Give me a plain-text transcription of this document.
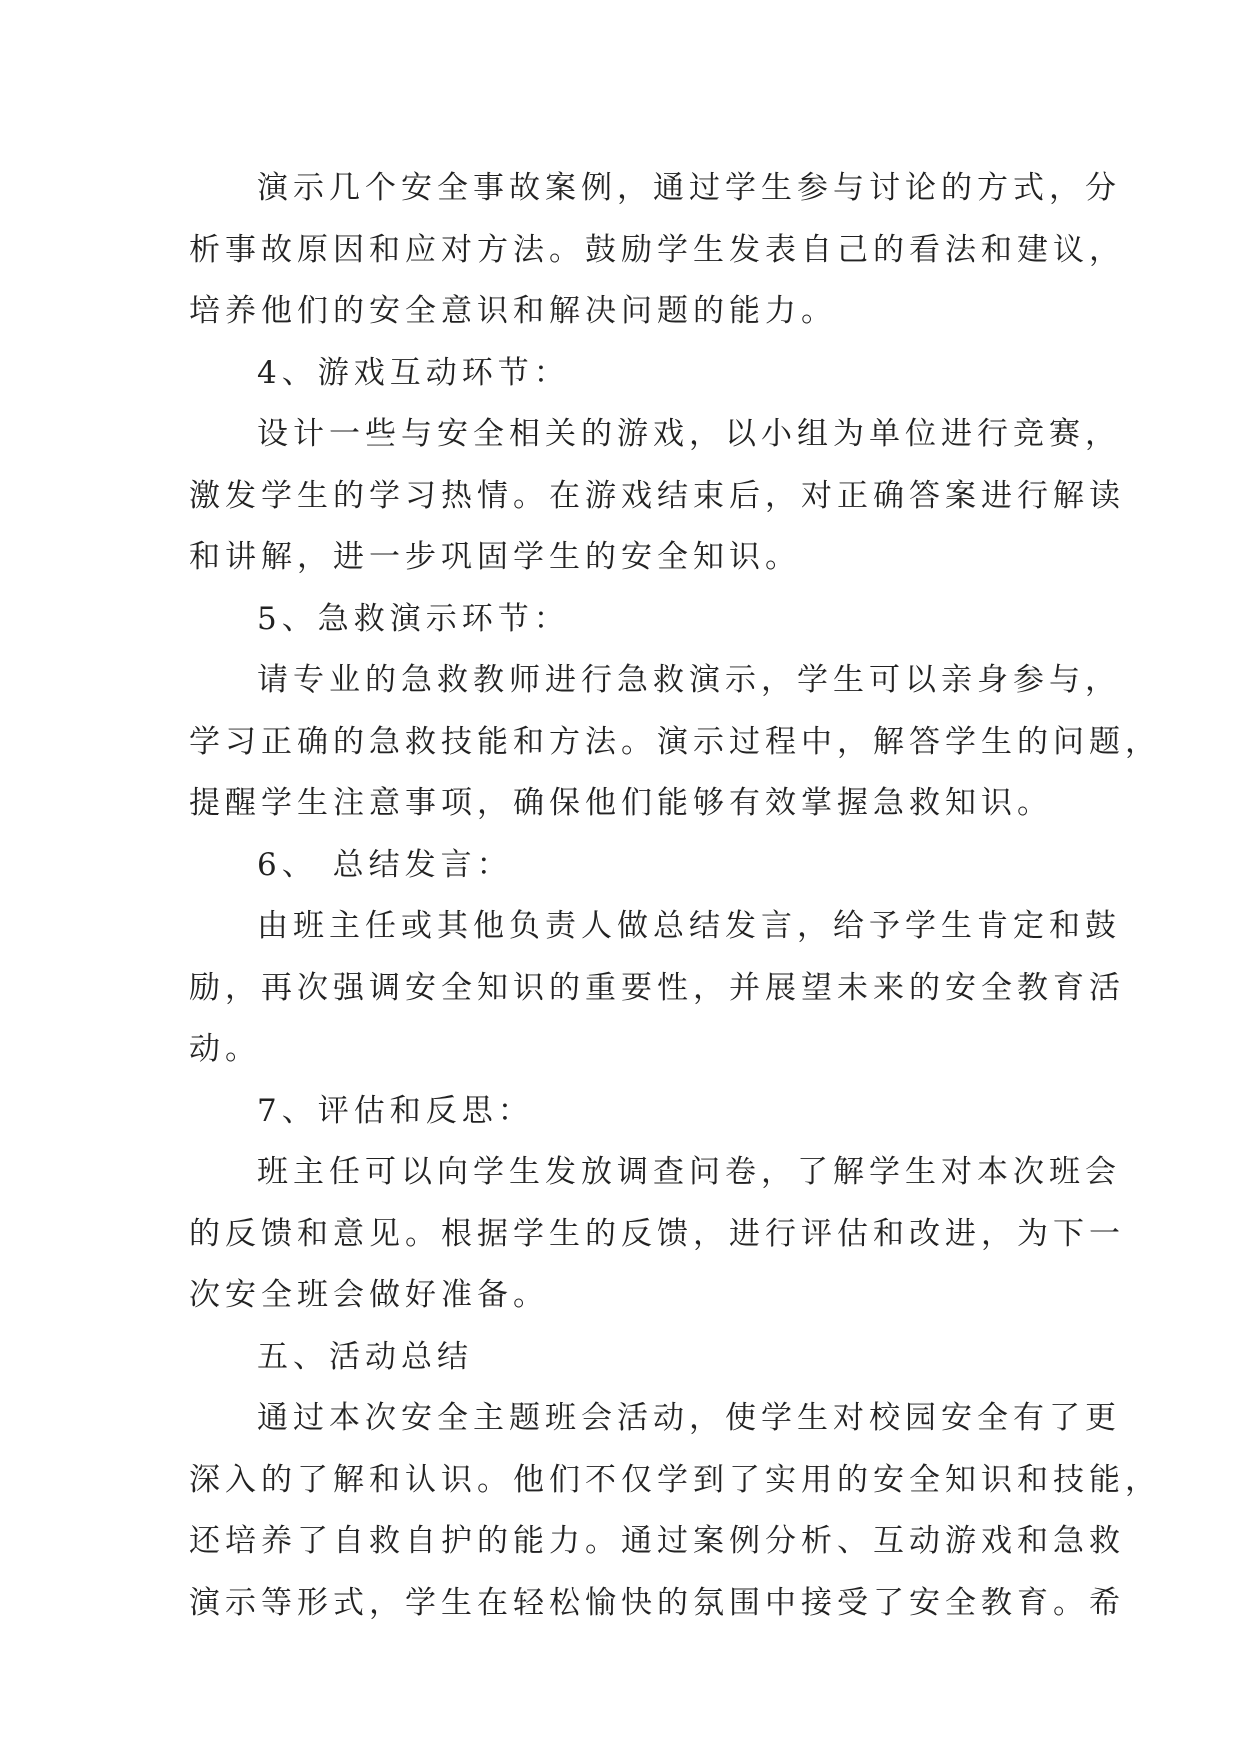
演示几个安全事故案例，通过学生参与讨论的方式，分
析事故原因和应对方法。鼓励学生发表自己的看法和建议，
培养他们的安全意识和解决问题的能力。
4、游戏互动环节：
设计一些与安全相关的游戏，以小组为单位进行竞赛，
激发学生的学习热情。在游戏结束后，对正确答案进行解读
和讲解，进一步巩固学生的安全知识。
5、急救演示环节：
请专业的急救教师进行急救演示，学生可以亲身参与，
学习正确的急救技能和方法。演示过程中，解答学生的问题，
提醒学生注意事项，确保他们能够有效掌握急救知识。
6、 总结发言：
由班主任或其他负责人做总结发言，给予学生肯定和鼓
励，再次强调安全知识的重要性，并展望未来的安全教育活
动。
7、评估和反思：
班主任可以向学生发放调查问卷，了解学生对本次班会
的反馈和意见。根据学生的反馈，进行评估和改进，为下一
次安全班会做好准备。
五、活动总结
通过本次安全主题班会活动，使学生对校园安全有了更
深入的了解和认识。他们不仅学到了实用的安全知识和技能，
还培养了自救自护的能力。通过案例分析、互动游戏和急救
演示等形式，学生在轻松愉快的氛围中接受了安全教育。希
